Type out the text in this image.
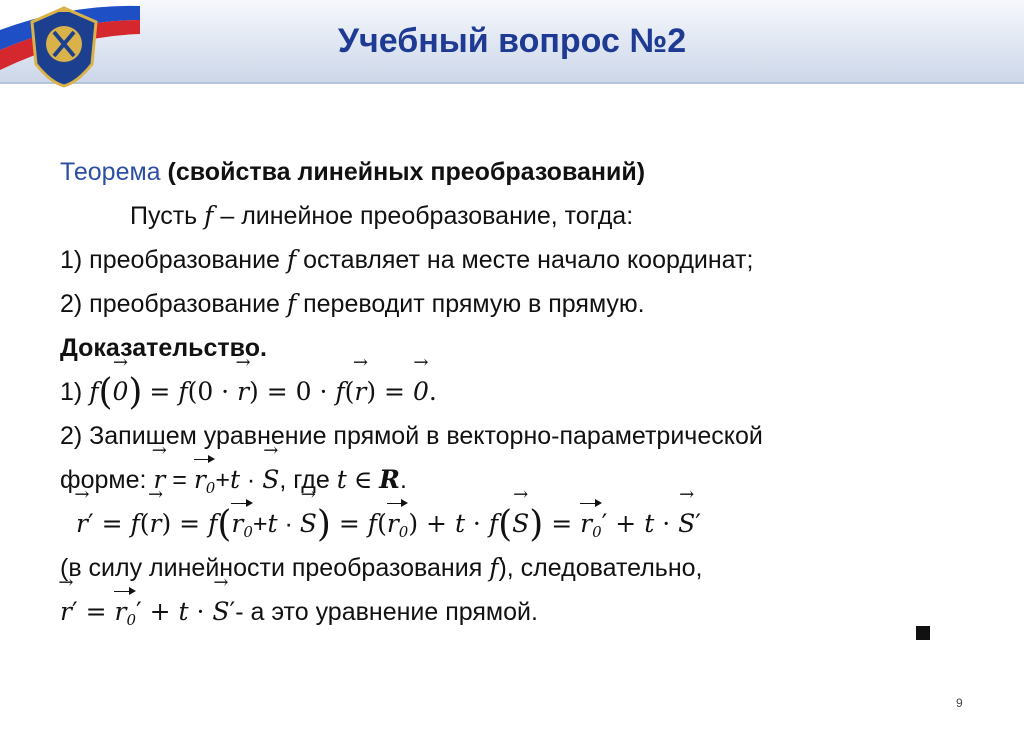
Учебный вопрос №2
Теорема (свойства линейных преобразований)
Пусть f – линейное преобразование, тогда:
1) преобразование f оставляет на месте начало координат;
2) преобразование f переводит прямую в прямую.
Доказательство.
1) f(→ 0) = f(0 · → r) = 0 · f(→ r) = → 0.
2) Запишем уравнение прямой в векторно-параметрической
форме: → $r = r_0+t$ · → S, где t ∈ R.
→ $r' = f(\to r) = f(r_0+t$ · → $S) = f(r_0) + t \cdot f(\to S) = r_0' + t$ · → S′
(в силу линейности преобразования f), следовательно,
→ $r' = r_0' + t$ · → S′- а это уравнение прямой.
9
